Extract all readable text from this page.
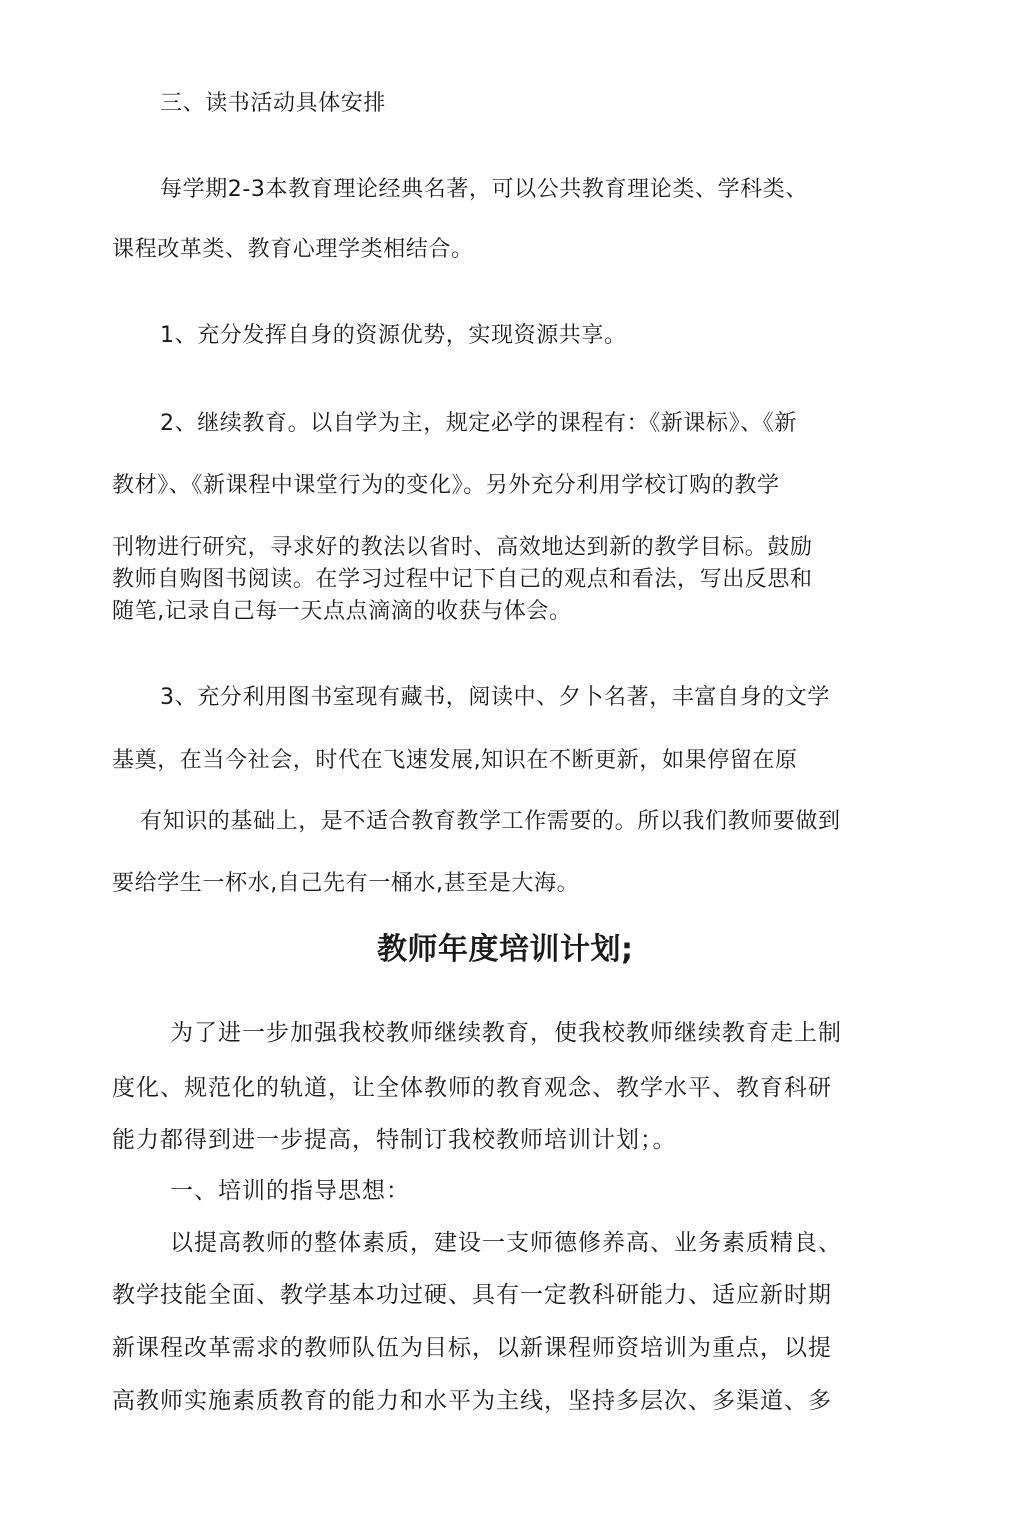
三、读书活动具体安排

每学期2-3本教育理论经典名著，可以公共教育理论类、学科类、

课程改革类、教育心理学类相结合。

1、充分发挥自身的资源优势，实现资源共享。

2、继续教育。以自学为主，规定必学的课程有：《新课标》、《新

教材》、《新课程中课堂行为的变化》。另外充分利用学校订购的教学

刊物进行研究，寻求好的教法以省时、高效地达到新的教学目标。鼓励

教师自购图书阅读。在学习过程中记下自己的观点和看法，写出反思和

随笔,记录自己每一天点点滴滴的收获与体会。

3、充分利用图书室现有藏书，阅读中、夕卜名著，丰富自身的文学

基奠，在当今社会，时代在飞速发展,知识在不断更新，如果停留在原

有知识的基础上，是不适合教育教学工作需要的。所以我们教师要做到

要给学生一杯水,自己先有一桶水,甚至是大海。

教师年度培训计划;

为了进一步加强我校教师继续教育，使我校教师继续教育走上制

度化、规范化的轨道，让全体教师的教育观念、教学水平、教育科研

能力都得到进一步提高，特制订我校教师培训计划；。

一、培训的指导思想：

以提高教师的整体素质，建设一支师德修养高、业务素质精良、

教学技能全面、教学基本功过硬、具有一定教科研能力、适应新时期

新课程改革需求的教师队伍为目标，以新课程师资培训为重点，以提

高教师实施素质教育的能力和水平为主线，坚持多层次、多渠道、多
